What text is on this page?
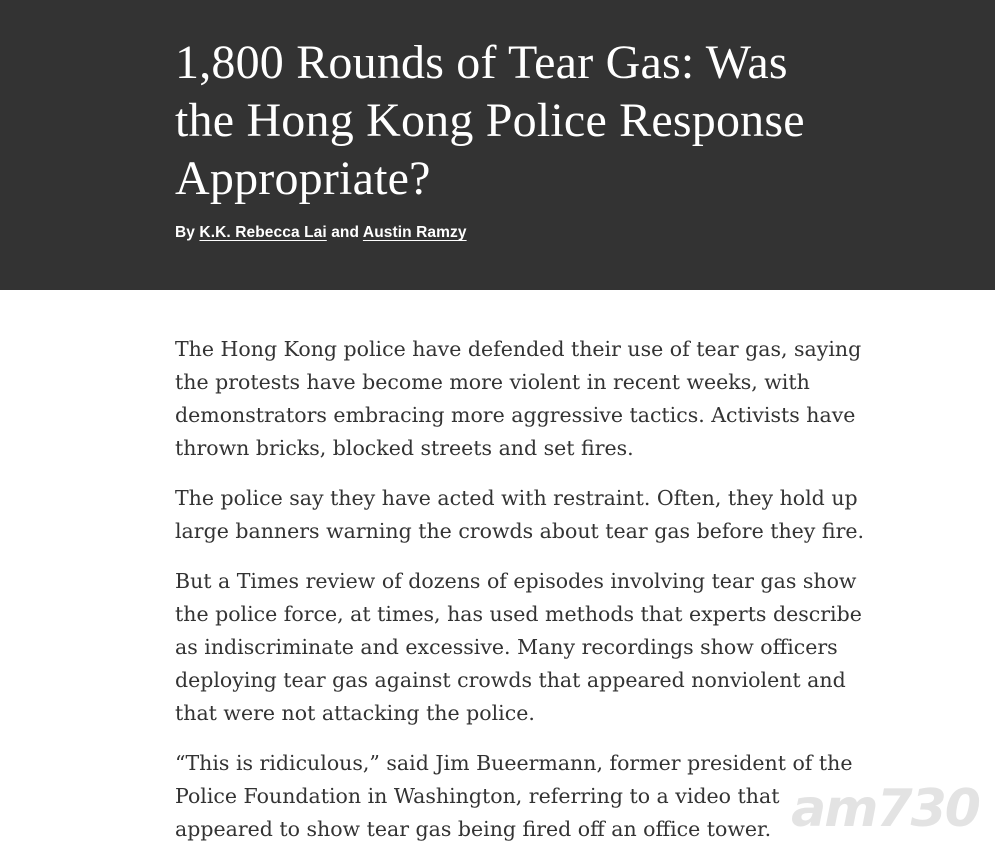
1,800 Rounds of Tear Gas: Was
the Hong Kong Police Response
Appropriate?

By K.K. Rebecca Lai and Austin Ramzy

The Hong Kong police have defended their use of tear gas, saying
the protests have become more violent in recent weeks, with
demonstrators embracing more aggressive tactics. Activists have
thrown bricks, blocked streets and set fires.

The police say they have acted with restraint. Often, they hold up
large banners warning the crowds about tear gas before they fire.

But a Times review of dozens of episodes involving tear gas show
the police force, at times, has used methods that experts describe
as indiscriminate and excessive. Many recordings show officers
deploying tear gas against crowds that appeared nonviolent and
that were not attacking the police.

“This is ridiculous,” said Jim Bueermann, former president of the
Police Foundation in Washington, referring to a video that
appeared to show tear gas being fired off an office tower. am730
